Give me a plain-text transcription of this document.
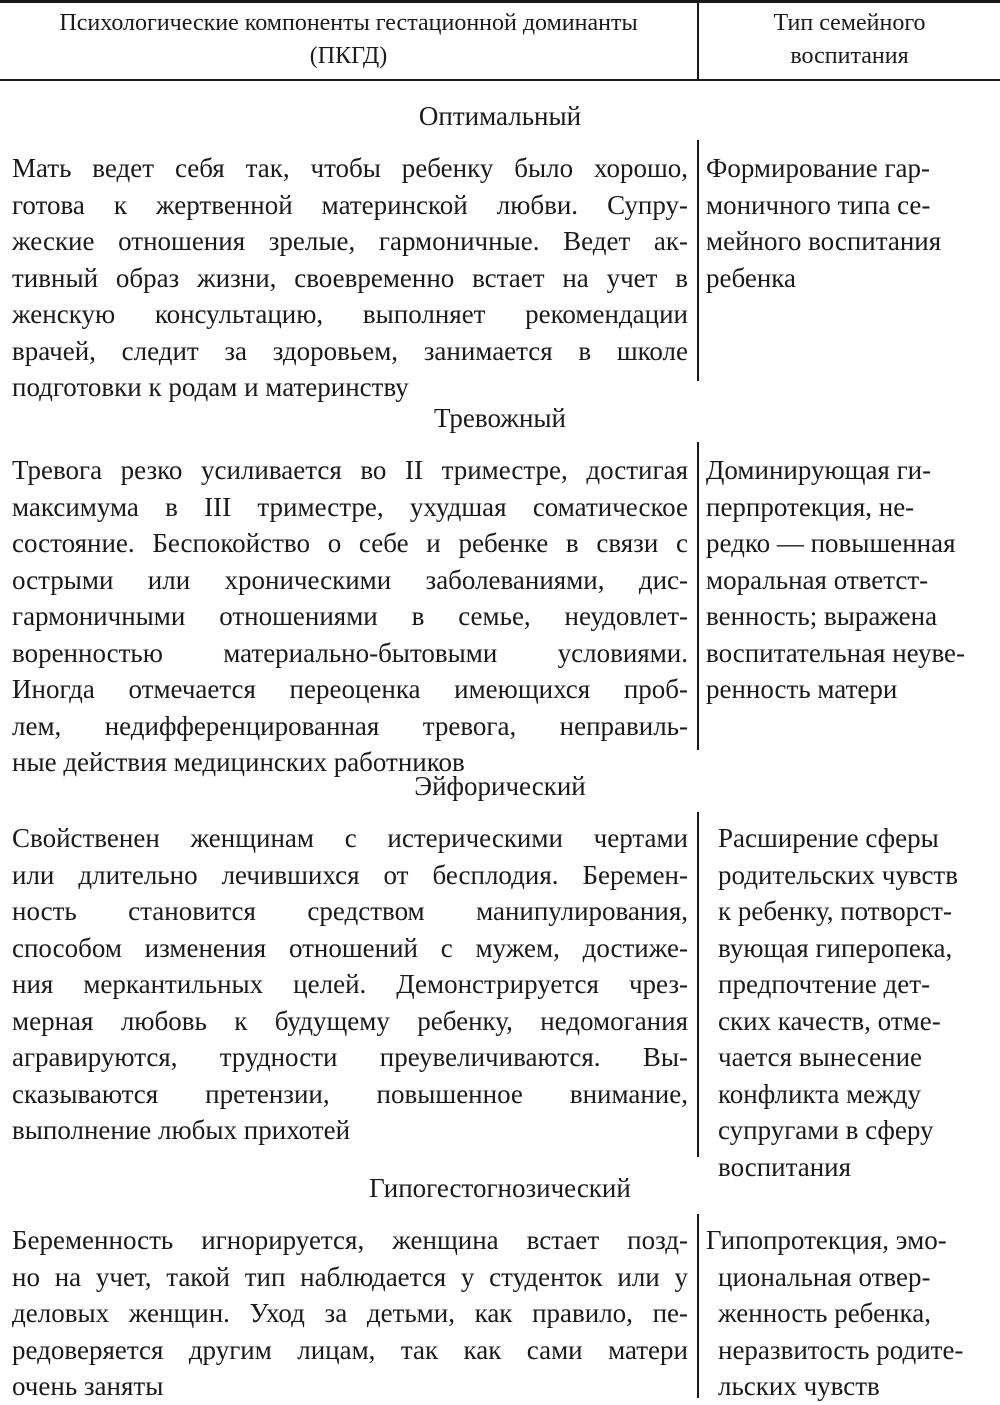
Психологические компоненты гестационной доминанты
(ПКГД)
Тип семейного
воспитания
Оптимальный
Мать ведет себя так, чтобы ребенку было хорошо,
готова к жертвенной материнской любви. Супру-
жеские отношения зрелые, гармоничные. Ведет ак-
тивный образ жизни, своевременно встает на учет в
женскую консультацию, выполняет рекомендации
врачей, следит за здоровьем, занимается в школе
подготовки к родам и материнству
Формирование гар-
моничного типа се-
мейного воспитания
ребенка
Тревожный
Тревога резко усиливается во II триместре, достигая
максимума в III триместре, ухудшая соматическое
состояние. Беспокойство о себе и ребенке в связи с
острыми или хроническими заболеваниями, дис-
гармоничными отношениями в семье, неудовлет-
воренностью материально-бытовыми условиями.
Иногда отмечается переоценка имеющихся проб-
лем, недифференцированная тревога, неправиль-
ные действия медицинских работников
Доминирующая ги-
перпротекция, не-
редко — повышенная
моральная ответст-
венность; выражена
воспитательная неуве-
ренность матери
Эйфорический
Свойственен женщинам с истерическими чертами
или длительно лечившихся от бесплодия. Беремен-
ность становится средством манипулирования,
способом изменения отношений с мужем, достиже-
ния меркантильных целей. Демонстрируется чрез-
мерная любовь к будущему ребенку, недомогания
агравируются, трудности преувеличиваются. Вы-
сказываются претензии, повышенное внимание,
выполнение любых прихотей
Расширение сферы
родительских чувств
к ребенку, потворст-
вующая гиперопека,
предпочтение дет-
ских качеств, отме-
чается вынесение
конфликта между
супругами в сферу
воспитания
Гипогестогнозический
Беременность игнорируется, женщина встает позд-
но на учет, такой тип наблюдается у студенток или у
деловых женщин. Уход за детьми, как правило, пе-
редоверяется другим лицам, так как сами матери
очень заняты
Гипопротекция, эмо-
циональная отвер-
женность ребенка,
неразвитость родите-
льских чувств
